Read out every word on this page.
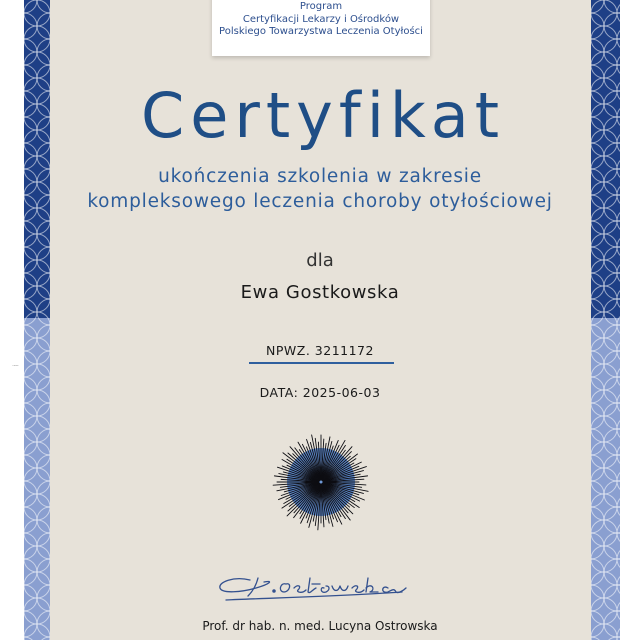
Program
Certyfikacji Lekarzy i Ośrodków
Polskiego Towarzystwa Leczenia Otyłości
Certyfikat
ukończenia szkolenia w zakresie
kompleksowego leczenia choroby otyłościowej
dla
Ewa Gostkowska
NPWZ. 3211172
DATA: 2025-06-03
L. Ostrowska
Prof. dr hab. n. med. Lucyna Ostrowska
